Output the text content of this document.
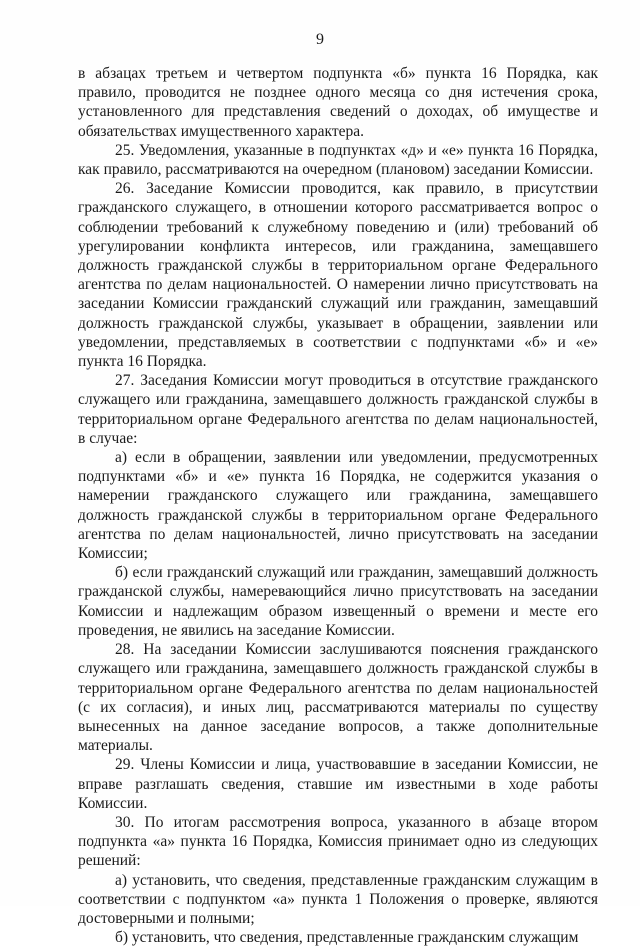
9

в абзацах третьем и четвертом подпункта «б» пункта 16 Порядка, как правило, проводится не позднее одного месяца со дня истечения срока, установленного для представления сведений о доходах, об имуществе и обязательствах имущественного характера.

25. Уведомления, указанные в подпунктах «д» и «е» пункта 16 Порядка, как правило, рассматриваются на очередном (плановом) заседании Комиссии.

26. Заседание Комиссии проводится, как правило, в присутствии гражданского служащего, в отношении которого рассматривается вопрос о соблюдении требований к служебному поведению и (или) требований об урегулировании конфликта интересов, или гражданина, замещавшего должность гражданской службы в территориальном органе Федерального агентства по делам национальностей. О намерении лично присутствовать на заседании Комиссии гражданский служащий или гражданин, замещавший должность гражданской службы, указывает в обращении, заявлении или уведомлении, представляемых в соответствии с подпунктами «б» и «е» пункта 16 Порядка.

27. Заседания Комиссии могут проводиться в отсутствие гражданского служащего или гражданина, замещавшего должность гражданской службы в территориальном органе Федерального агентства по делам национальностей, в случае:

а) если в обращении, заявлении или уведомлении, предусмотренных подпунктами «б» и «е» пункта 16 Порядка, не содержится указания о намерении гражданского служащего или гражданина, замещавшего должность гражданской службы в территориальном органе Федерального агентства по делам национальностей, лично присутствовать на заседании Комиссии;

б) если гражданский служащий или гражданин, замещавший должность гражданской службы, намеревающийся лично присутствовать на заседании Комиссии и надлежащим образом извещенный о времени и месте его проведения, не явились на заседание Комиссии.

28. На заседании Комиссии заслушиваются пояснения гражданского служащего или гражданина, замещавшего должность гражданской службы в территориальном органе Федерального агентства по делам национальностей (с их согласия), и иных лиц, рассматриваются материалы по существу вынесенных на данное заседание вопросов, а также дополнительные материалы.

29. Члены Комиссии и лица, участвовавшие в заседании Комиссии, не вправе разглашать сведения, ставшие им известными в ходе работы Комиссии.

30. По итогам рассмотрения вопроса, указанного в абзаце втором подпункта «а» пункта 16 Порядка, Комиссия принимает одно из следующих решений:

а) установить, что сведения, представленные гражданским служащим в соответствии с подпунктом «а» пункта 1 Положения о проверке, являются достоверными и полными;

б) установить, что сведения, представленные гражданским служащим
